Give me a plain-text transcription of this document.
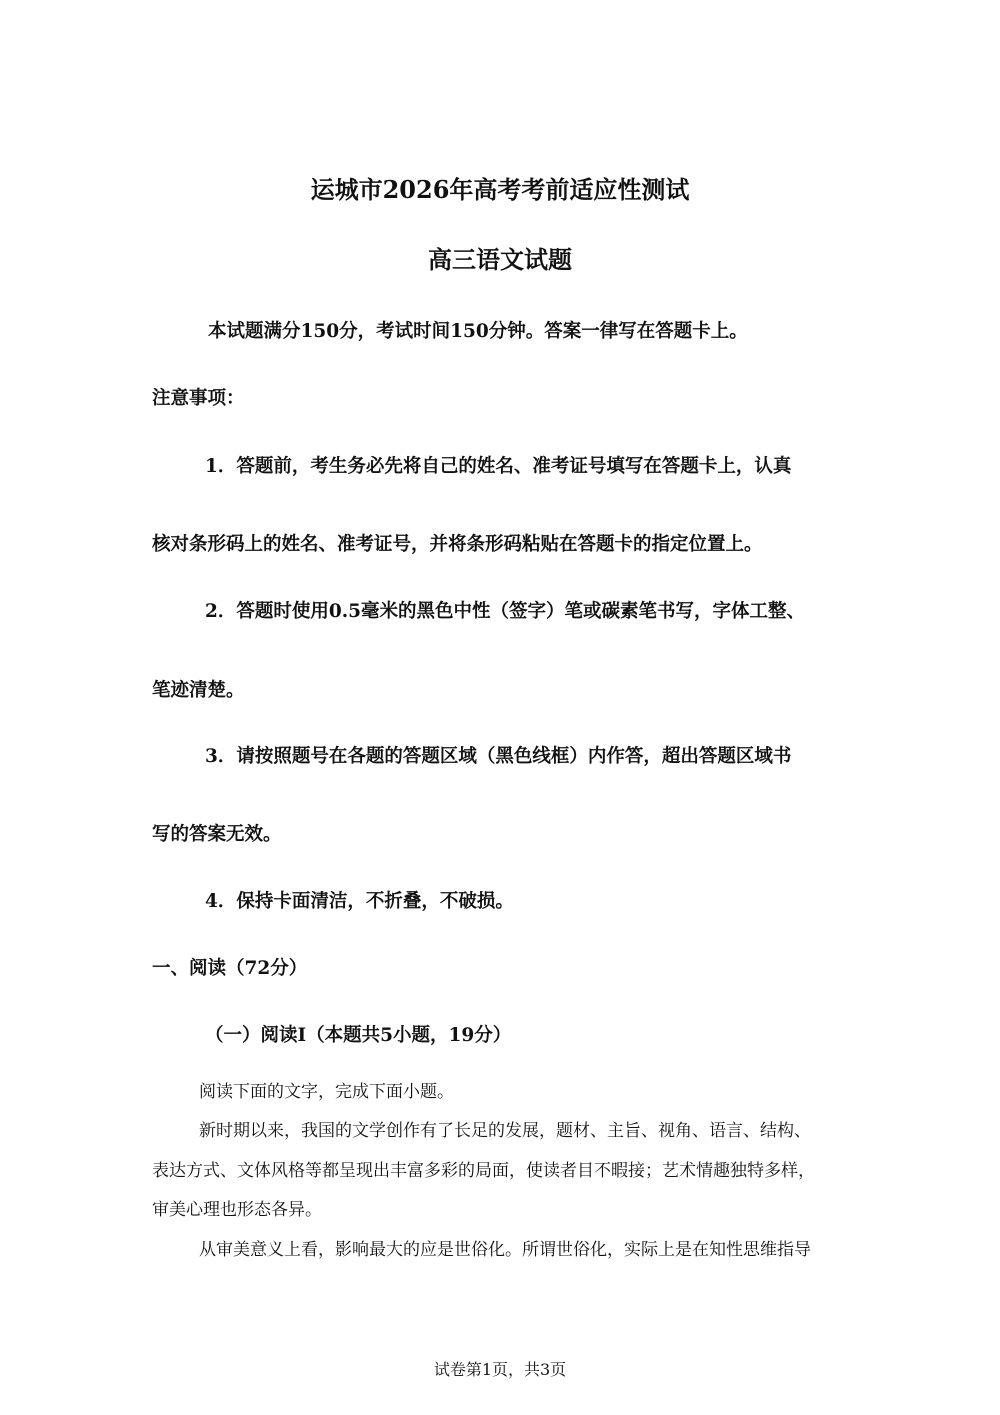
运城市2026年高考考前适应性测试
高三语文试题

本试题满分150分，考试时间150分钟。答案一律写在答题卡上。

注意事项：

1．答题前，考生务必先将自己的姓名、准考证号填写在答题卡上，认真

核对条形码上的姓名、准考证号，并将条形码粘贴在答题卡的指定位置上。

2．答题时使用0.5毫米的黑色中性（签字）笔或碳素笔书写，字体工整、

笔迹清楚。

3．请按照题号在各题的答题区域（黑色线框）内作答，超出答题区域书

写的答案无效。

4．保持卡面清洁，不折叠，不破损。

一、阅读（72分）

（一）阅读I（本题共5小题，19分）

阅读下面的文字，完成下面小题。

新时期以来，我国的文学创作有了长足的发展，题材、主旨、视角、语言、结构、

表达方式、文体风格等都呈现出丰富多彩的局面，使读者目不暇接；艺术情趣独特多样，

审美心理也形态各异。

从审美意义上看，影响最大的应是世俗化。所谓世俗化，实际上是在知性思维指导

试卷第1页，共3页
